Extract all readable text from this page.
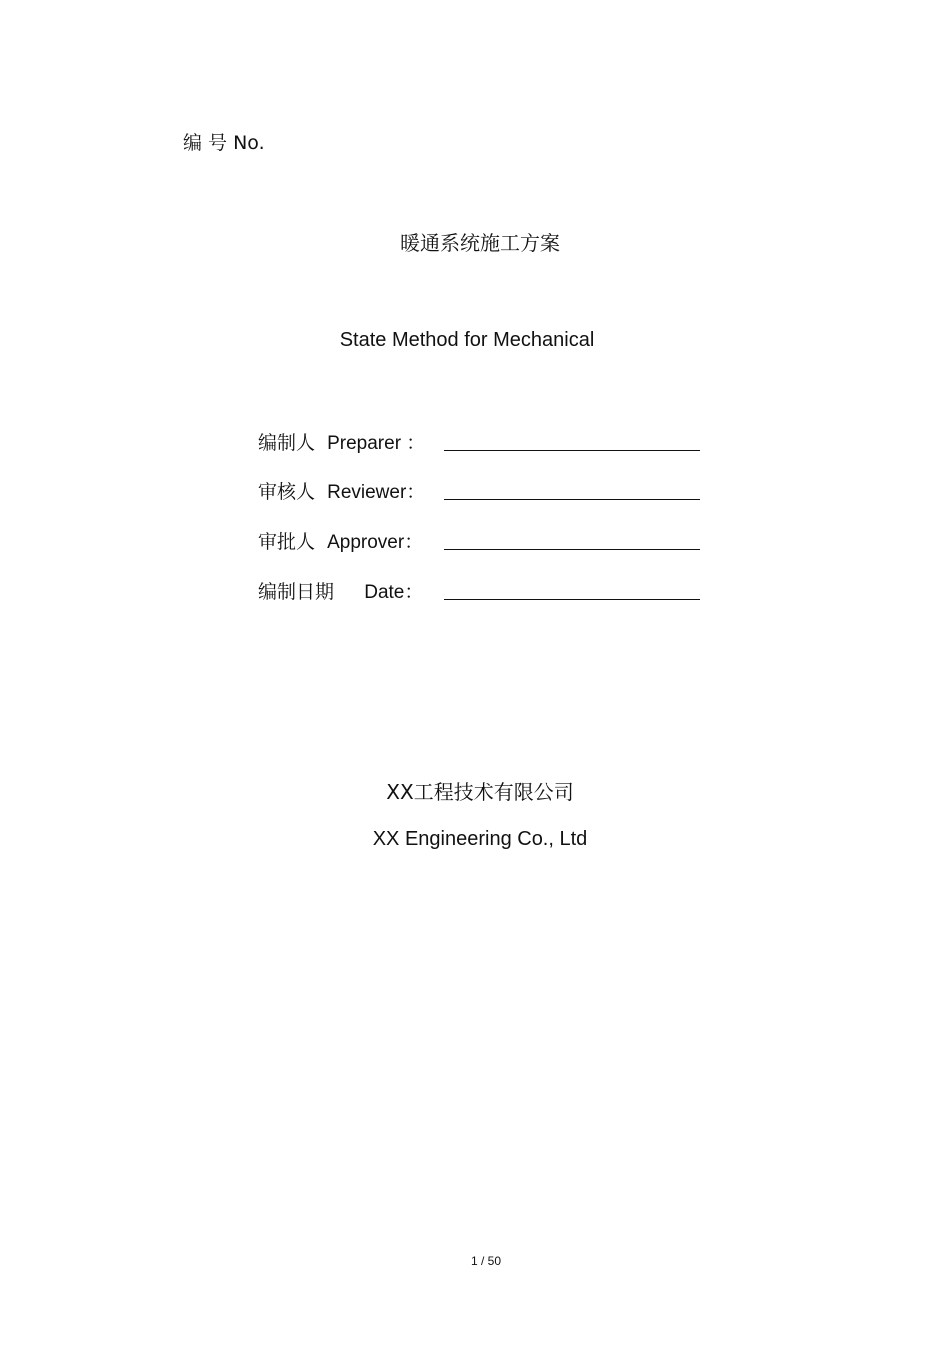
编 号 No.
暖通系统施工方案
State Method for Mechanical
编制人 Preparer ：
审核人 Reviewer：
审批人 Approver：
编制日期 Date：
XX工程技术有限公司
XX Engineering Co., Ltd
1 / 50
